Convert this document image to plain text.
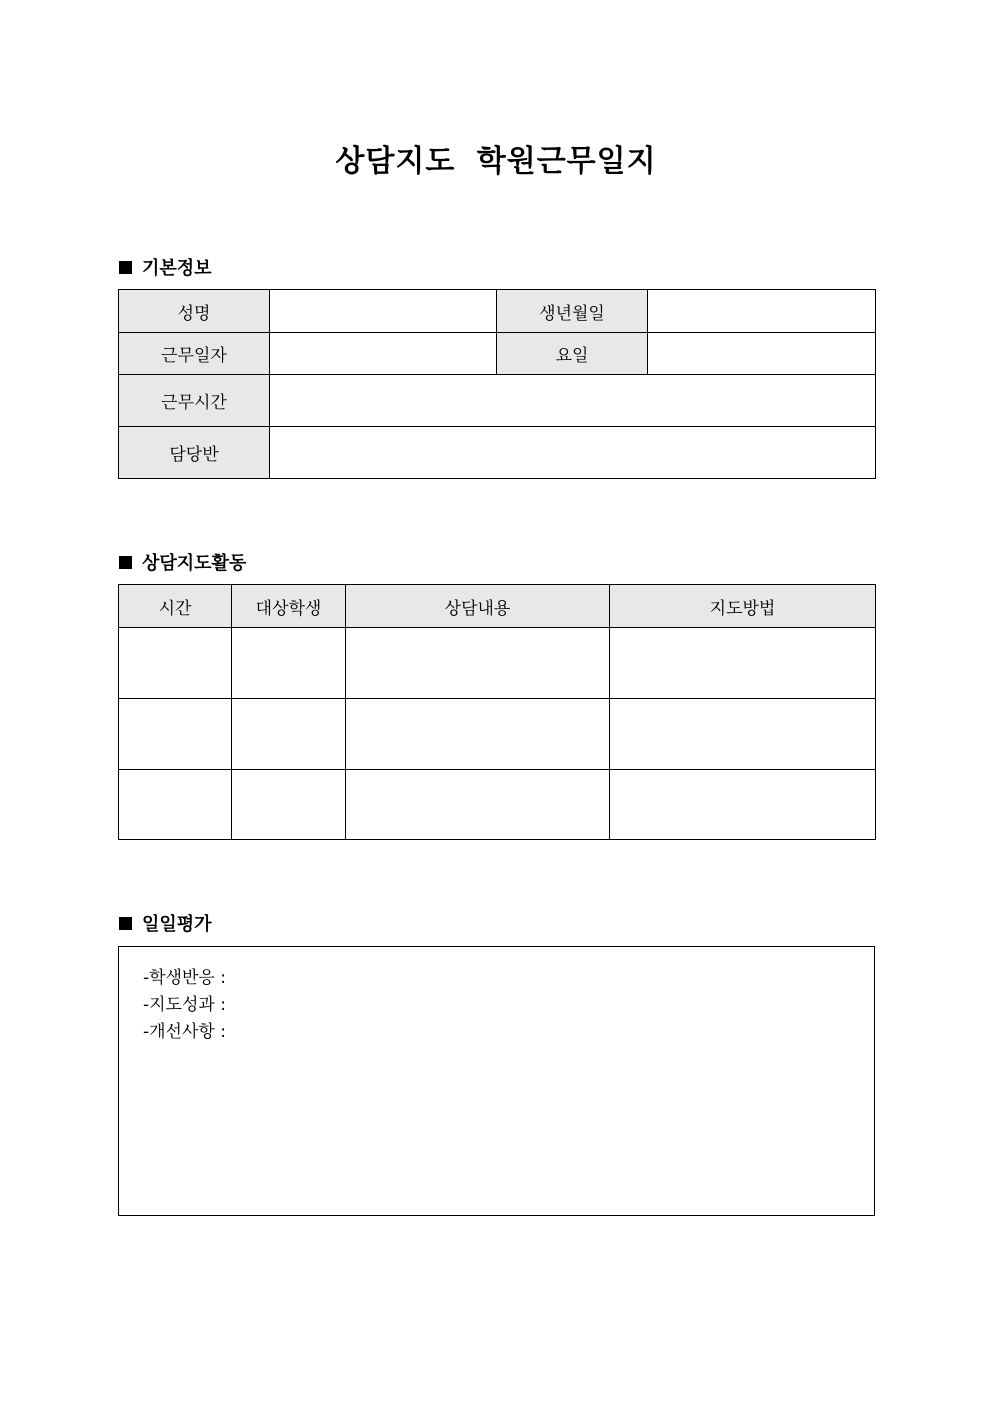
상담지도 학원근무일지
기본정보
성명		생년월일	
근무일자		요일	
근무시간			
담당반			
상담지도활동
시간	대상학생	상담내용	지도방법

일일평가
-학생반응 :
-지도성과 :
-개선사항 :
